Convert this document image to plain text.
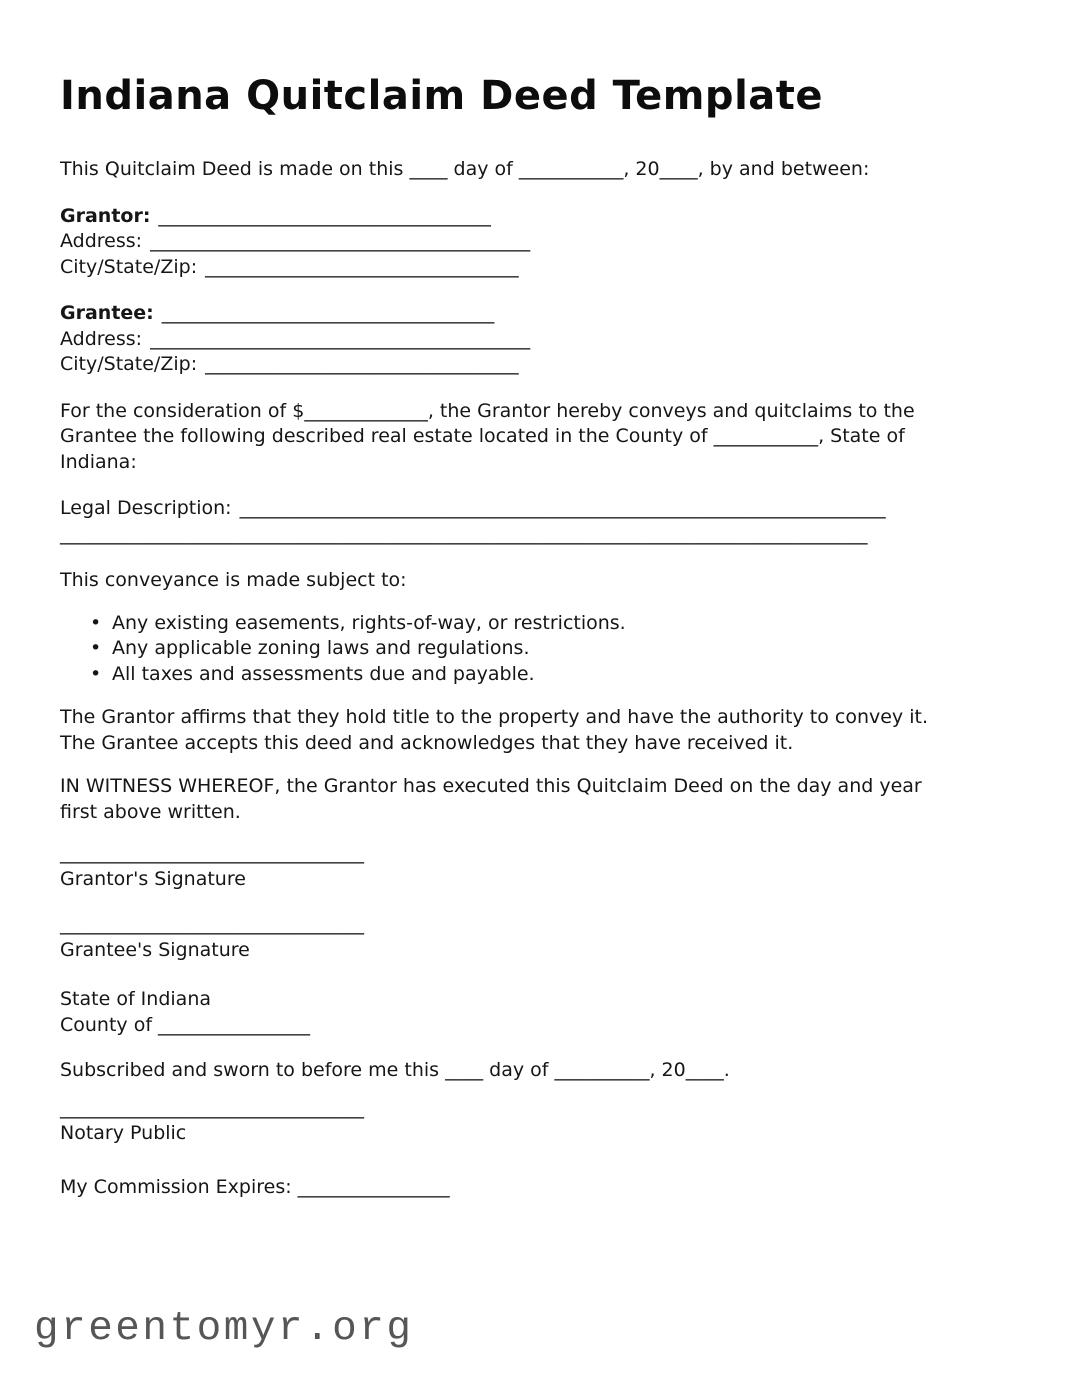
Indiana Quitclaim Deed Template
This Quitclaim Deed is made on this ____ day of ___________, 20____, by and between:
Grantor: ___________________________________
Address: ________________________________________
City/State/Zip: _________________________________
Grantee: ___________________________________
Address: ________________________________________
City/State/Zip: _________________________________
For the consideration of $_____________, the Grantor hereby conveys and quitclaims to the
Grantee the following described real estate located in the County of ___________, State of
Indiana:
Legal Description: ____________________________________________________________________
_____________________________________________________________________________________
This conveyance is made subject to:
• Any existing easements, rights-of-way, or restrictions.
• Any applicable zoning laws and regulations.
• All taxes and assessments due and payable.
The Grantor affirms that they hold title to the property and have the authority to convey it.
The Grantee accepts this deed and acknowledges that they have received it.
IN WITNESS WHEREOF, the Grantor has executed this Quitclaim Deed on the day and year
first above written.
________________________________
Grantor's Signature
________________________________
Grantee's Signature
State of Indiana
County of ________________
Subscribed and sworn to before me this ____ day of __________, 20____.
________________________________
Notary Public
My Commission Expires: ________________
greentomyr.org
